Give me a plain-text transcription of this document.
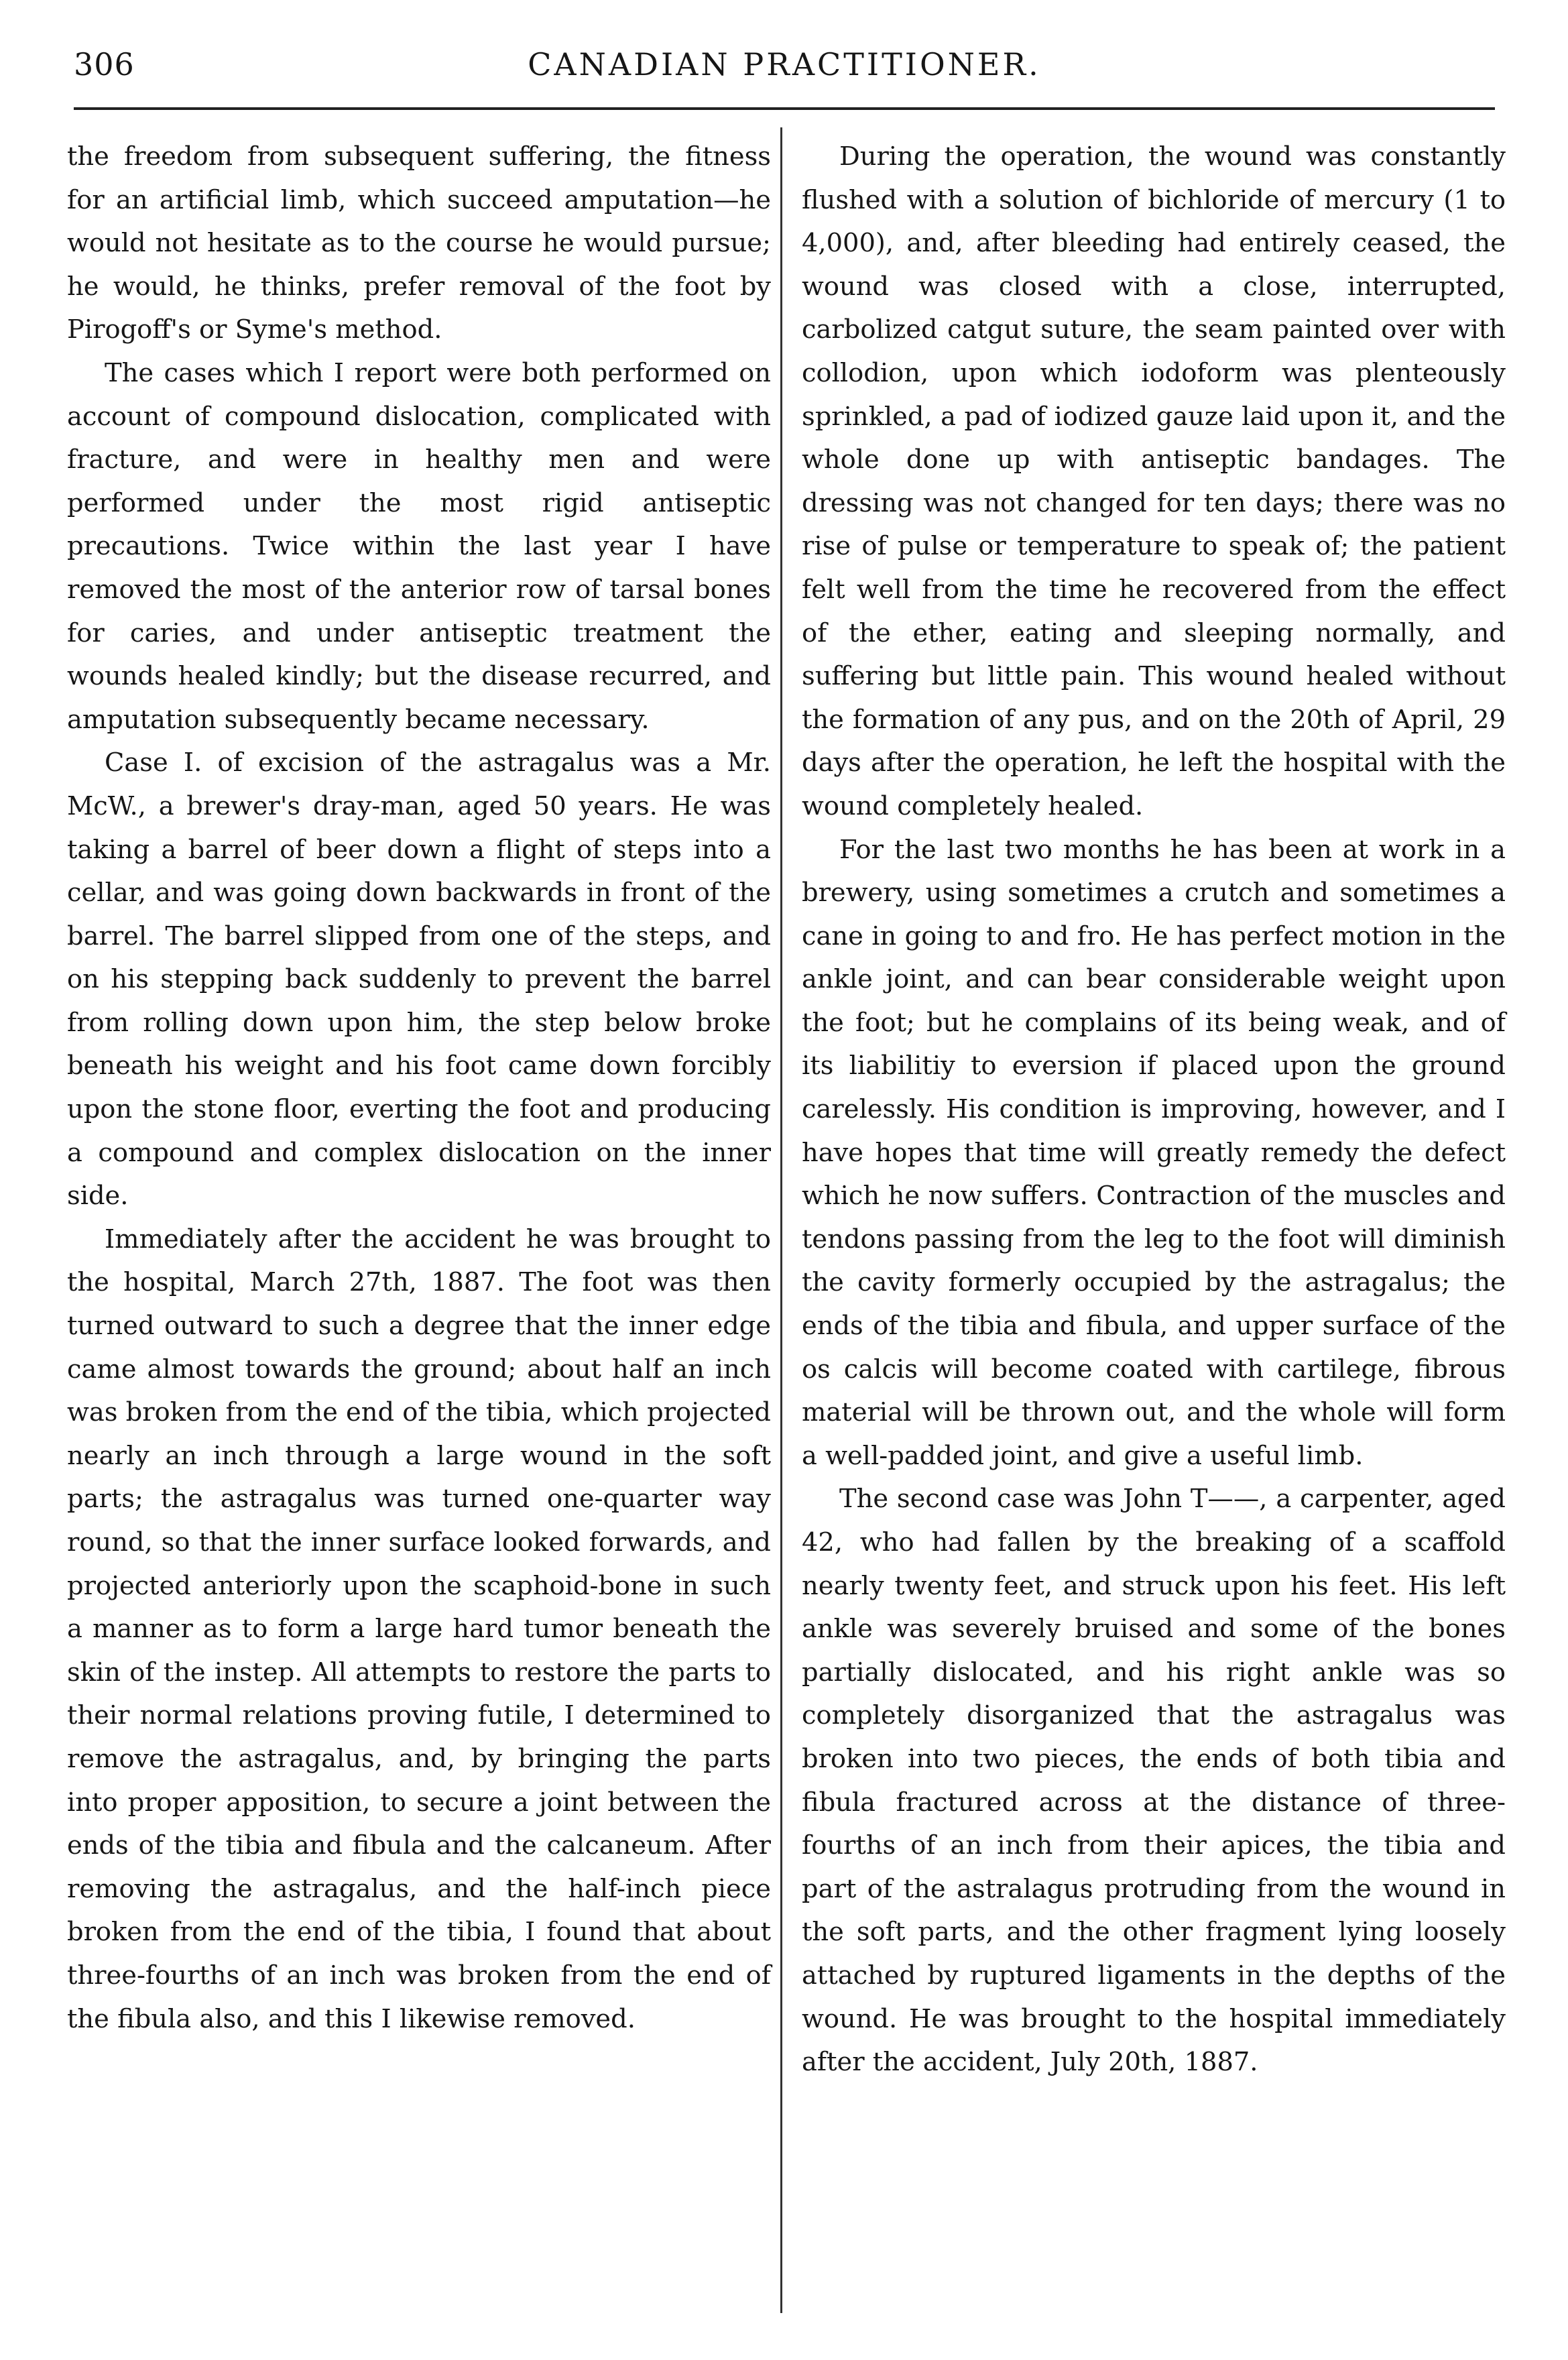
306	CANADIAN PRACTITIONER.

the freedom from subsequent suffering, the fitness for an artificial limb, which succeed amputation—he would not hesitate as to the course he would pursue; he would, he thinks, prefer removal of the foot by Pirogoff's or Syme's method.

The cases which I report were both performed on account of compound dislocation, complicated with fracture, and were in healthy men and were performed under the most rigid antiseptic precautions. Twice within the last year I have removed the most of the anterior row of tarsal bones for caries, and under antiseptic treatment the wounds healed kindly; but the disease recurred, and amputation subsequently became necessary.

Case I. of excision of the astragalus was a Mr. McW., a brewer's dray-man, aged 50 years. He was taking a barrel of beer down a flight of steps into a cellar, and was going down backwards in front of the barrel. The barrel slipped from one of the steps, and on his stepping back suddenly to prevent the barrel from rolling down upon him, the step below broke beneath his weight and his foot came down forcibly upon the stone floor, everting the foot and producing a compound and complex dislocation on the inner side.

Immediately after the accident he was brought to the hospital, March 27th, 1887. The foot was then turned outward to such a degree that the inner edge came almost towards the ground; about half an inch was broken from the end of the tibia, which projected nearly an inch through a large wound in the soft parts; the astragalus was turned one-quarter way round, so that the inner surface looked forwards, and projected anteriorly upon the scaphoid-bone in such a manner as to form a large hard tumor beneath the skin of the instep. All attempts to restore the parts to their normal relations proving futile, I determined to remove the astragalus, and, by bringing the parts into proper apposition, to secure a joint between the ends of the tibia and fibula and the calcaneum. After removing the astragalus, and the half-inch piece broken from the end of the tibia, I found that about three-fourths of an inch was broken from the end of the fibula also, and this I likewise removed.

During the operation, the wound was constantly flushed with a solution of bichloride of mercury (1 to 4,000), and, after bleeding had entirely ceased, the wound was closed with a close, interrupted, carbolized catgut suture, the seam painted over with collodion, upon which iodoform was plenteously sprinkled, a pad of iodized gauze laid upon it, and the whole done up with antiseptic bandages. The dressing was not changed for ten days; there was no rise of pulse or temperature to speak of; the patient felt well from the time he recovered from the effect of the ether, eating and sleeping normally, and suffering but little pain. This wound healed without the formation of any pus, and on the 20th of April, 29 days after the operation, he left the hospital with the wound completely healed.

For the last two months he has been at work in a brewery, using sometimes a crutch and sometimes a cane in going to and fro. He has perfect motion in the ankle joint, and can bear considerable weight upon the foot; but he complains of its being weak, and of its liabilitiy to eversion if placed upon the ground carelessly. His condition is improving, however, and I have hopes that time will greatly remedy the defect which he now suffers. Contraction of the muscles and tendons passing from the leg to the foot will diminish the cavity formerly occupied by the astragalus; the ends of the tibia and fibula, and upper surface of the os calcis will become coated with cartilege, fibrous material will be thrown out, and the whole will form a well-padded joint, and give a useful limb.

The second case was John T——, a carpenter, aged 42, who had fallen by the breaking of a scaffold nearly twenty feet, and struck upon his feet. His left ankle was severely bruised and some of the bones partially dislocated, and his right ankle was so completely disorganized that the astragalus was broken into two pieces, the ends of both tibia and fibula fractured across at the distance of three-fourths of an inch from their apices, the tibia and part of the astralagus protruding from the wound in the soft parts, and the other fragment lying loosely attached by ruptured ligaments in the depths of the wound. He was brought to the hospital immediately after the accident, July 20th, 1887.
